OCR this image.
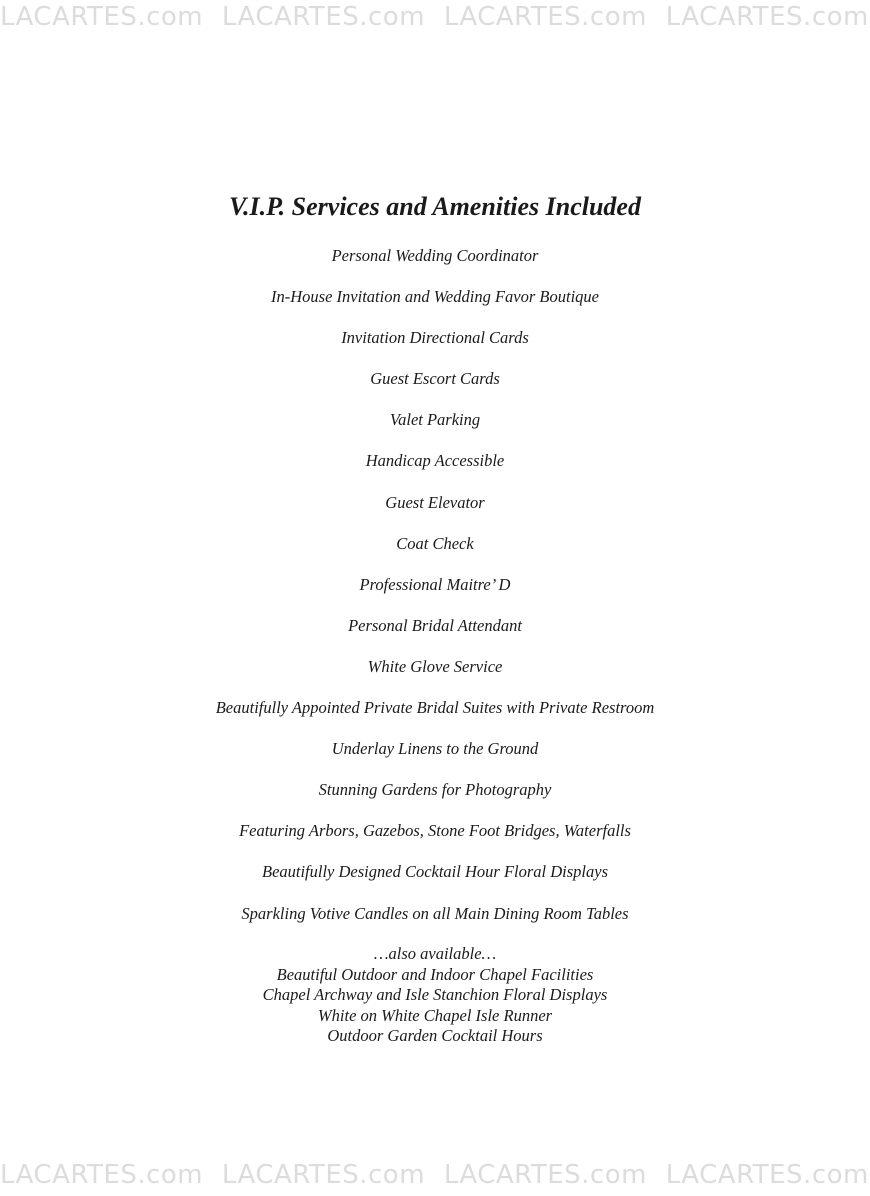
LACARTES.com LACARTES.com LACARTES.com LACARTES.com
V.I.P. Services and Amenities Included
Personal Wedding Coordinator
In-House Invitation and Wedding Favor Boutique
Invitation Directional Cards
Guest Escort Cards
Valet Parking
Handicap Accessible
Guest Elevator
Coat Check
Professional Maitre’ D
Personal Bridal Attendant
White Glove Service
Beautifully Appointed Private Bridal Suites with Private Restroom
Underlay Linens to the Ground
Stunning Gardens for Photography
Featuring Arbors, Gazebos, Stone Foot Bridges, Waterfalls
Beautifully Designed Cocktail Hour Floral Displays
Sparkling Votive Candles on all Main Dining Room Tables
…also available…
Beautiful Outdoor and Indoor Chapel Facilities
Chapel Archway and Isle Stanchion Floral Displays
White on White Chapel Isle Runner
Outdoor Garden Cocktail Hours
LACARTES.com LACARTES.com LACARTES.com LACARTES.com
